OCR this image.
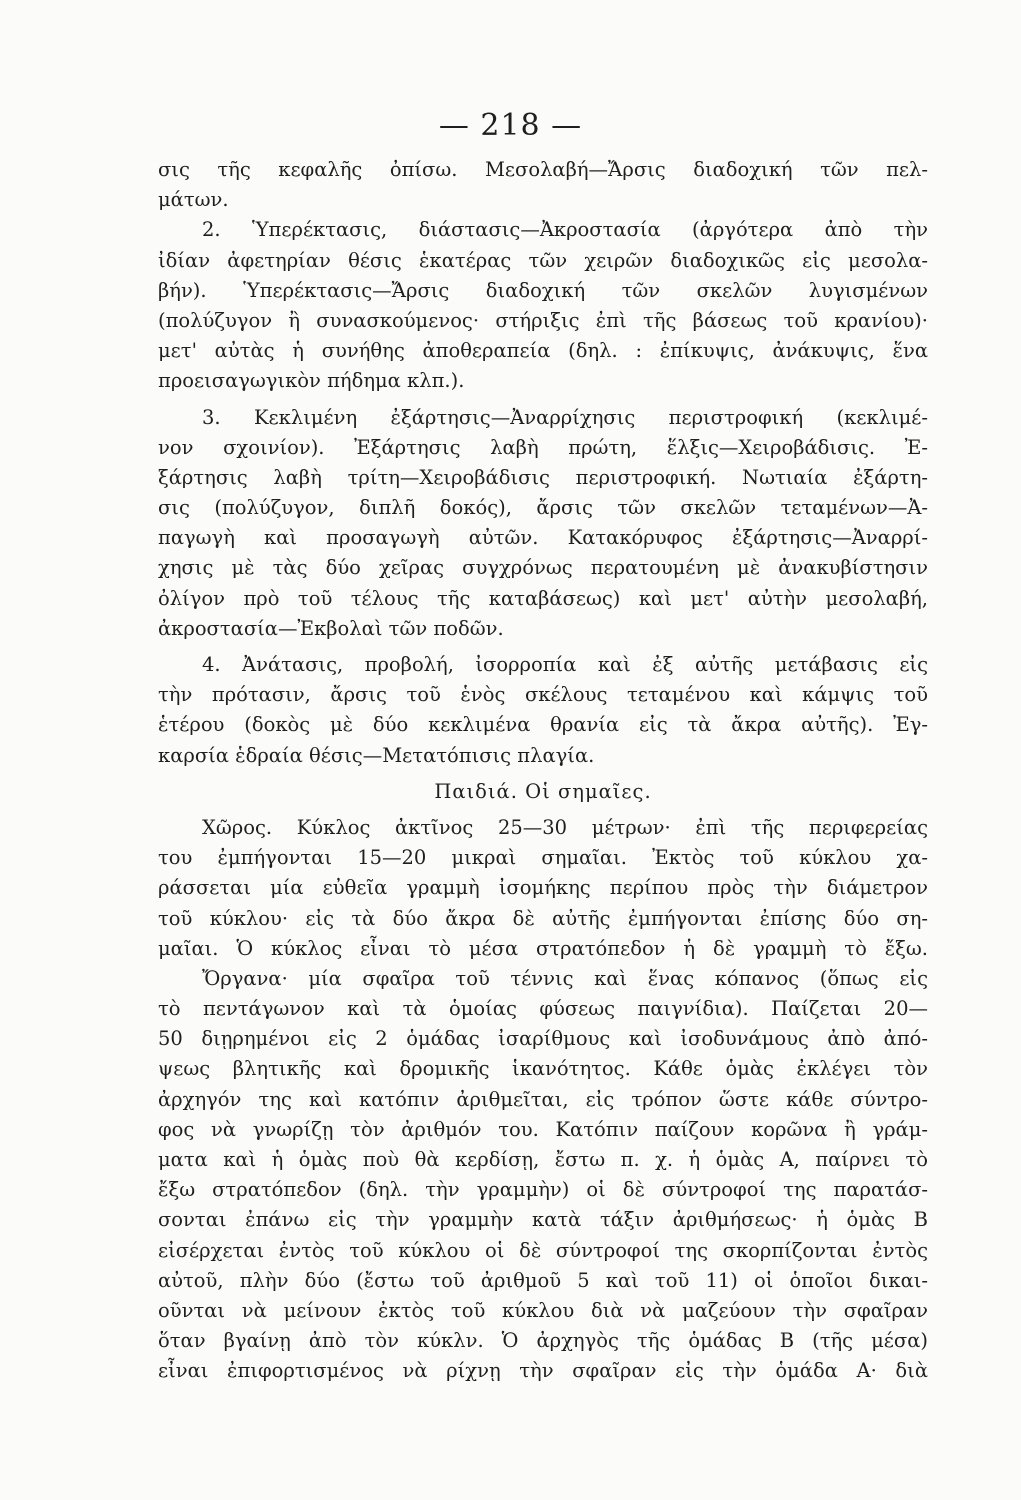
— 218 —
σις τῆς κεφαλῆς ὀπίσω. Μεσολαβή—Ἄρσις διαδοχική τῶν πελ-
μάτων.
2. Ὑπερέκτασις, διάστασις—Ἀκροστασία (ἀργότερα ἀπὸ τὴν
ἰδίαν ἀφετηρίαν θέσις ἑκατέρας τῶν χειρῶν διαδοχικῶς εἰς μεσολα-
βήν). Ὑπερέκτασις—Ἄρσις διαδοχική τῶν σκελῶν λυγισμένων
(πολύζυγον ἢ συνασκούμενος· στήριξις ἐπὶ τῆς βάσεως τοῦ κρανίου)·
μετ' αὐτὰς ἡ συνήθης ἀποθεραπεία (δηλ. : ἐπίκυψις, ἀνάκυψις, ἕνα
προεισαγωγικὸν πήδημα κλπ.).
3. Κεκλιμένη ἐξάρτησις—Ἀναρρίχησις περιστροφική (κεκλιμέ-
νον σχοινίον). Ἐξάρτησις λαβὴ πρώτη, ἕλξις—Χειροβάδισις. Ἐ-
ξάρτησις λαβὴ τρίτη—Χειροβάδισις περιστροφική. Νωτιαία ἐξάρτη-
σις (πολύζυγον, διπλῆ δοκός), ἄρσις τῶν σκελῶν τεταμένων—Ἀ-
παγωγὴ καὶ προσαγωγὴ αὐτῶν. Κατακόρυφος ἐξάρτησις—Ἀναρρί-
χησις μὲ τὰς δύο χεῖρας συγχρόνως περατουμένη μὲ ἀνακυβίστησιν
ὀλίγον πρὸ τοῦ τέλους τῆς καταβάσεως) καὶ μετ' αὐτὴν μεσολαβή,
ἀκροστασία—Ἐκβολαὶ τῶν ποδῶν.
4. Ἀνάτασις, προβολή, ἰσορροπία καὶ ἐξ αὐτῆς μετάβασις εἰς
τὴν πρότασιν, ἄρσις τοῦ ἑνὸς σκέλους τεταμένου καὶ κάμψις τοῦ
ἑτέρου (δοκὸς μὲ δύο κεκλιμένα θρανία εἰς τὰ ἄκρα αὐτῆς). Ἐγ-
καρσία ἑδραία θέσις—Μετατόπισις πλαγία.
Παιδιά. Οἱ σημαῖες.
Χῶρος. Κύκλος ἀκτῖνος 25—30 μέτρων· ἐπὶ τῆς περιφερείας
του ἐμπήγονται 15—20 μικραὶ σημαῖαι. Ἐκτὸς τοῦ κύκλου χα-
ράσσεται μία εὐθεῖα γραμμὴ ἰσομήκης περίπου πρὸς τὴν διάμετρον
τοῦ κύκλου· εἰς τὰ δύο ἄκρα δὲ αὐτῆς ἐμπήγονται ἐπίσης δύο ση-
μαῖαι. Ὁ κύκλος εἶναι τὸ μέσα στρατόπεδον ἡ δὲ γραμμὴ τὸ ἔξω.
Ὄργανα· μία σφαῖρα τοῦ τέννις καὶ ἕνας κόπανος (ὅπως εἰς
τὸ πεντάγωνον καὶ τὰ ὁμοίας φύσεως παιγνίδια). Παίζεται 20—
50 διῃρημένοι εἰς 2 ὁμάδας ἰσαρίθμους καὶ ἰσοδυνάμους ἀπὸ ἀπό-
ψεως βλητικῆς καὶ δρομικῆς ἱκανότητος. Κάθε ὁμὰς ἐκλέγει τὸν
ἀρχηγόν της καὶ κατόπιν ἀριθμεῖται, εἰς τρόπον ὥστε κάθε σύντρο-
φος νὰ γνωρίζῃ τὸν ἀριθμόν του. Κατόπιν παίζουν κορῶνα ἢ γράμ-
ματα καὶ ἡ ὁμὰς ποὺ θὰ κερδίσῃ, ἔστω π. χ. ἡ ὁμὰς Α, παίρνει τὸ
ἔξω στρατόπεδον (δηλ. τὴν γραμμὴν) οἱ δὲ σύντροφοί της παρατάσ-
σονται ἐπάνω εἰς τὴν γραμμὴν κατὰ τάξιν ἀριθμήσεως· ἡ ὁμὰς Β
εἰσέρχεται ἐντὸς τοῦ κύκλου οἱ δὲ σύντροφοί της σκορπίζονται ἐντὸς
αὐτοῦ, πλὴν δύο (ἔστω τοῦ ἀριθμοῦ 5 καὶ τοῦ 11) οἱ ὁποῖοι δικαι-
οῦνται νὰ μείνουν ἐκτὸς τοῦ κύκλου διὰ νὰ μαζεύουν τὴν σφαῖραν
ὅταν βγαίνῃ ἀπὸ τὸν κύκλν. Ὁ ἀρχηγὸς τῆς ὁμάδας Β (τῆς μέσα)
εἶναι ἐπιφορτισμένος νὰ ρίχνῃ τὴν σφαῖραν εἰς τὴν ὁμάδα Α· διὰ
